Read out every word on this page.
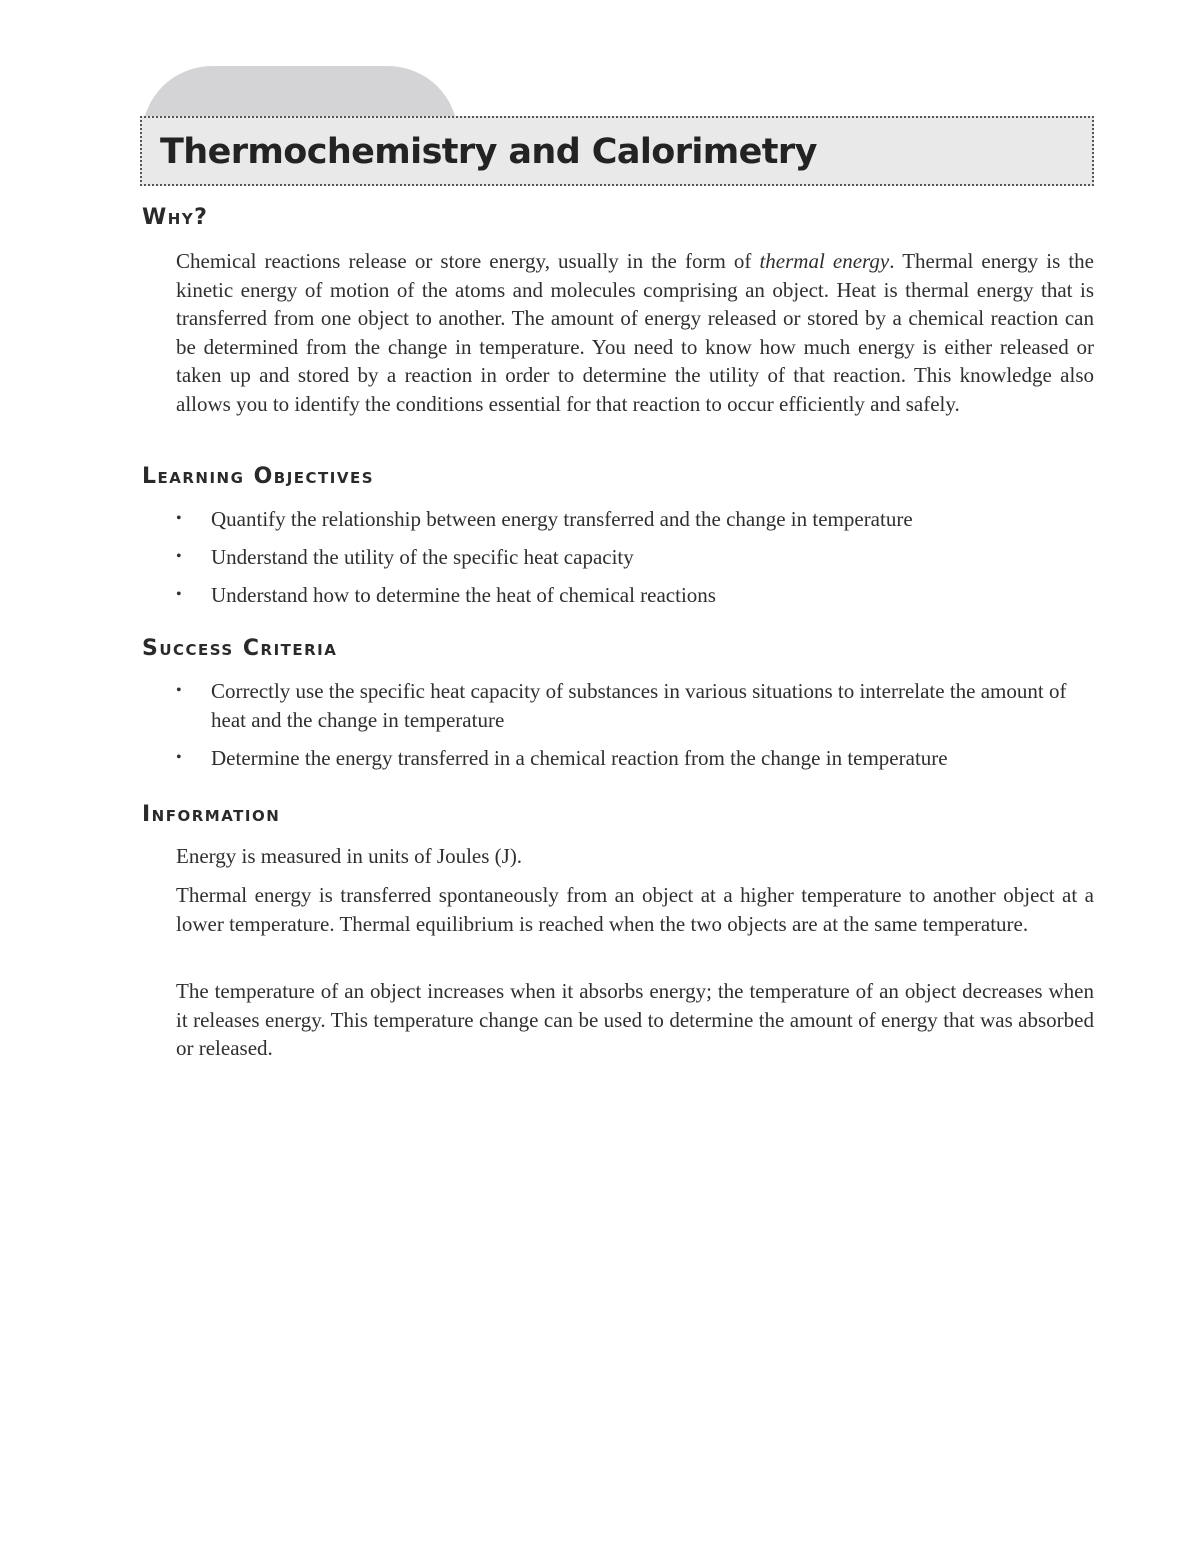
Thermochemistry and Calorimetry
Why?

Chemical reactions release or store energy, usually in the form of thermal energy. Thermal energy is the kinetic energy of motion of the atoms and molecules comprising an object. Heat is thermal energy that is transferred from one object to another. The amount of energy released or stored by a chemical reaction can be determined from the change in temperature. You need to know how much energy is either released or taken up and stored by a reaction in order to determine the utility of that reaction. This knowledge also allows you to identify the conditions essential for that reaction to occur efficiently and safely.

Learning Objectives
• Quantify the relationship between energy transferred and the change in temperature
• Understand the utility of the specific heat capacity
• Understand how to determine the heat of chemical reactions
Success Criteria
• Correctly use the specific heat capacity of substances in various situations to interrelate the amount of heat and the change in temperature
• Determine the energy transferred in a chemical reaction from the change in temperature
Information

Energy is measured in units of Joules (J).

Thermal energy is transferred spontaneously from an object at a higher temperature to another object at a lower temperature. Thermal equilibrium is reached when the two objects are at the same temperature.

The temperature of an object increases when it absorbs energy; the temperature of an object decreases when it releases energy. This temperature change can be used to determine the amount of energy that was absorbed or released.
